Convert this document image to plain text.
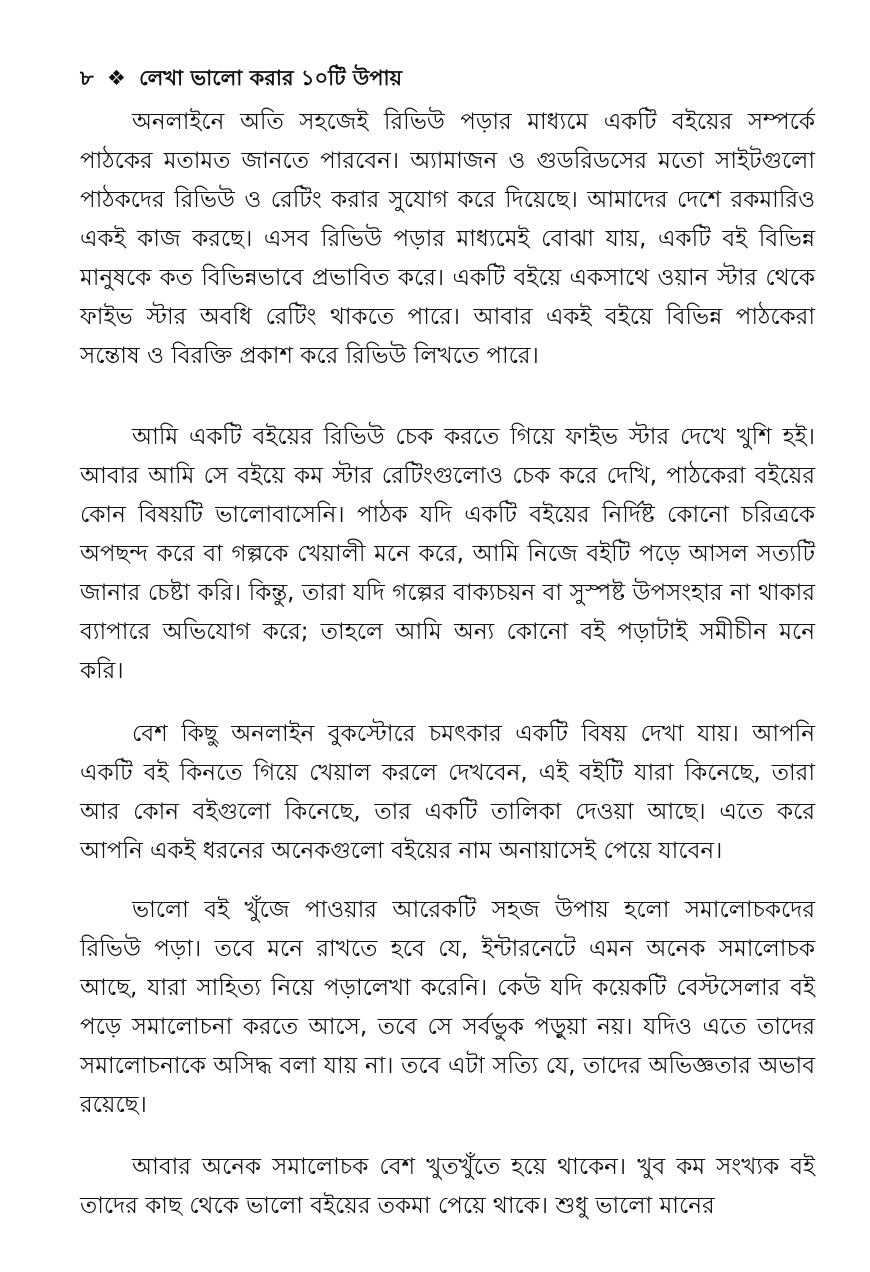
৮ ❖ লেখা ভালো করার ১০টি উপায়

অনলাইনে অতি সহজেই রিভিউ পড়ার মাধ্যমে একটি বইয়ের সম্পর্কে পাঠকের মতামত জানতে পারবেন। অ্যামাজন ও গুডরিডসের মতো সাইটগুলো পাঠকদের রিভিউ ও রেটিং করার সুযোগ করে দিয়েছে। আমাদের দেশে রকমারিও একই কাজ করছে। এসব রিভিউ পড়ার মাধ্যমেই বোঝা যায়, একটি বই বিভিন্ন মানুষকে কত বিভিন্নভাবে প্রভাবিত করে। একটি বইয়ে একসাথে ওয়ান স্টার থেকে ফাইভ স্টার অবধি রেটিং থাকতে পারে। আবার একই বইয়ে বিভিন্ন পাঠকেরা সন্তোষ ও বিরক্তি প্রকাশ করে রিভিউ লিখতে পারে।

আমি একটি বইয়ের রিভিউ চেক করতে গিয়ে ফাইভ স্টার দেখে খুশি হই। আবার আমি সে বইয়ে কম স্টার রেটিংগুলোও চেক করে দেখি, পাঠকেরা বইয়ের কোন বিষয়টি ভালোবাসেনি। পাঠক যদি একটি বইয়ের নির্দিষ্ট কোনো চরিত্রকে অপছন্দ করে বা গল্পকে খেয়ালী মনে করে, আমি নিজে বইটি পড়ে আসল সত্যটি জানার চেষ্টা করি। কিন্তু, তারা যদি গল্পের বাক্যচয়ন বা সুস্পষ্ট উপসংহার না থাকার ব্যাপারে অভিযোগ করে; তাহলে আমি অন্য কোনো বই পড়াটাই সমীচীন মনে করি।

বেশ কিছু অনলাইন বুকস্টোরে চমৎকার একটি বিষয় দেখা যায়। আপনি একটি বই কিনতে গিয়ে খেয়াল করলে দেখবেন, এই বইটি যারা কিনেছে, তারা আর কোন বইগুলো কিনেছে, তার একটি তালিকা দেওয়া আছে। এতে করে আপনি একই ধরনের অনেকগুলো বইয়ের নাম অনায়াসেই পেয়ে যাবেন।

ভালো বই খুঁজে পাওয়ার আরেকটি সহজ উপায় হলো সমালোচকদের রিভিউ পড়া। তবে মনে রাখতে হবে যে, ইন্টারনেটে এমন অনেক সমালোচক আছে, যারা সাহিত্য নিয়ে পড়ালেখা করেনি। কেউ যদি কয়েকটি বেস্টসেলার বই পড়ে সমালোচনা করতে আসে, তবে সে সর্বভুক পড়ুয়া নয়। যদিও এতে তাদের সমালোচনাকে অসিদ্ধ বলা যায় না। তবে এটা সত্যি যে, তাদের অভিজ্ঞতার অভাব রয়েছে।

আবার অনেক সমালোচক বেশ খুতখুঁতে হয়ে থাকেন। খুব কম সংখ্যক বই তাদের কাছ থেকে ভালো বইয়ের তকমা পেয়ে থাকে। শুধু ভালো মানের
